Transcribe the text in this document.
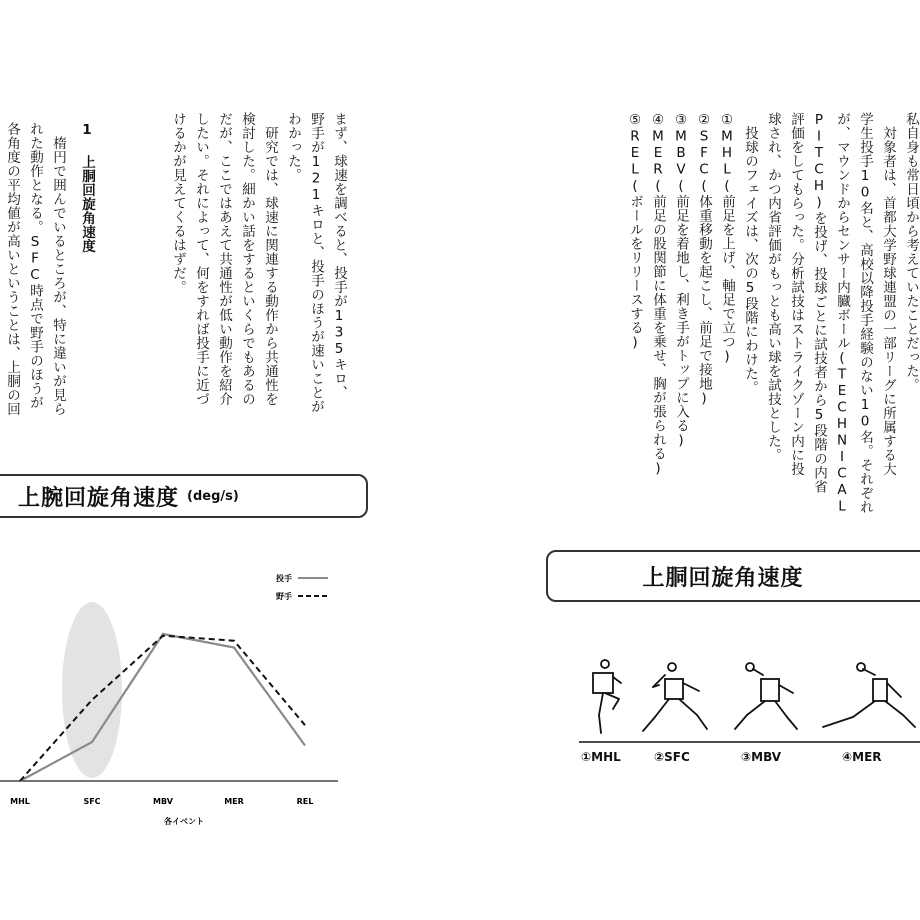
まず、球速を調べると、投手が135キロ、

野手が121キロと、投手のほうが速いことが

わかった。

研究では、球速に関連する動作から共通性を

検討した。細かい話をするといくらでもあるの

だが、ここではあえて共通性が低い動作を紹介

したい。それによって、何をすれば投手に近づ

けるかが見えてくるはずだ。

1 上胴回旋角速度

楕円で囲んでいるところが、特に違いが見ら

れた動作となる。SFC時点で野手のほうが

各角度の平均値が高いということは、上胴の回

上腕回旋角速度 (deg/s)
MHL	SFC	MBV	MER	REL
各イベント
投手
野手

私自身も常日頃から考えていたことだった。

対象者は、首都大学野球連盟の一部リーグに所属する大

学生投手10名と、高校以降投手経験のない10名。それぞれ

が、マウンドからセンサー内臓ボール(TECHNICAL

PITCH)を投げ、投球ごとに試技者から5段階の内省

評価をしてもらった。分析試技はストライクゾーン内に投

球され、かつ内省評価がもっとも高い球を試技とした。

投球のフェイズは、次の5段階にわけた。

①MHL(前足を上げ、軸足で立つ)

②SFC(体重移動を起こし、前足で接地)

③MBV(前足を着地し、利き手がトップに入る)

④MER(前足の股関節に体重を乗せ、胸が張られる)

⑤REL(ボールをリリースする)

上胴回旋角速度
①MHL	②SFC	③MBV	④MER
